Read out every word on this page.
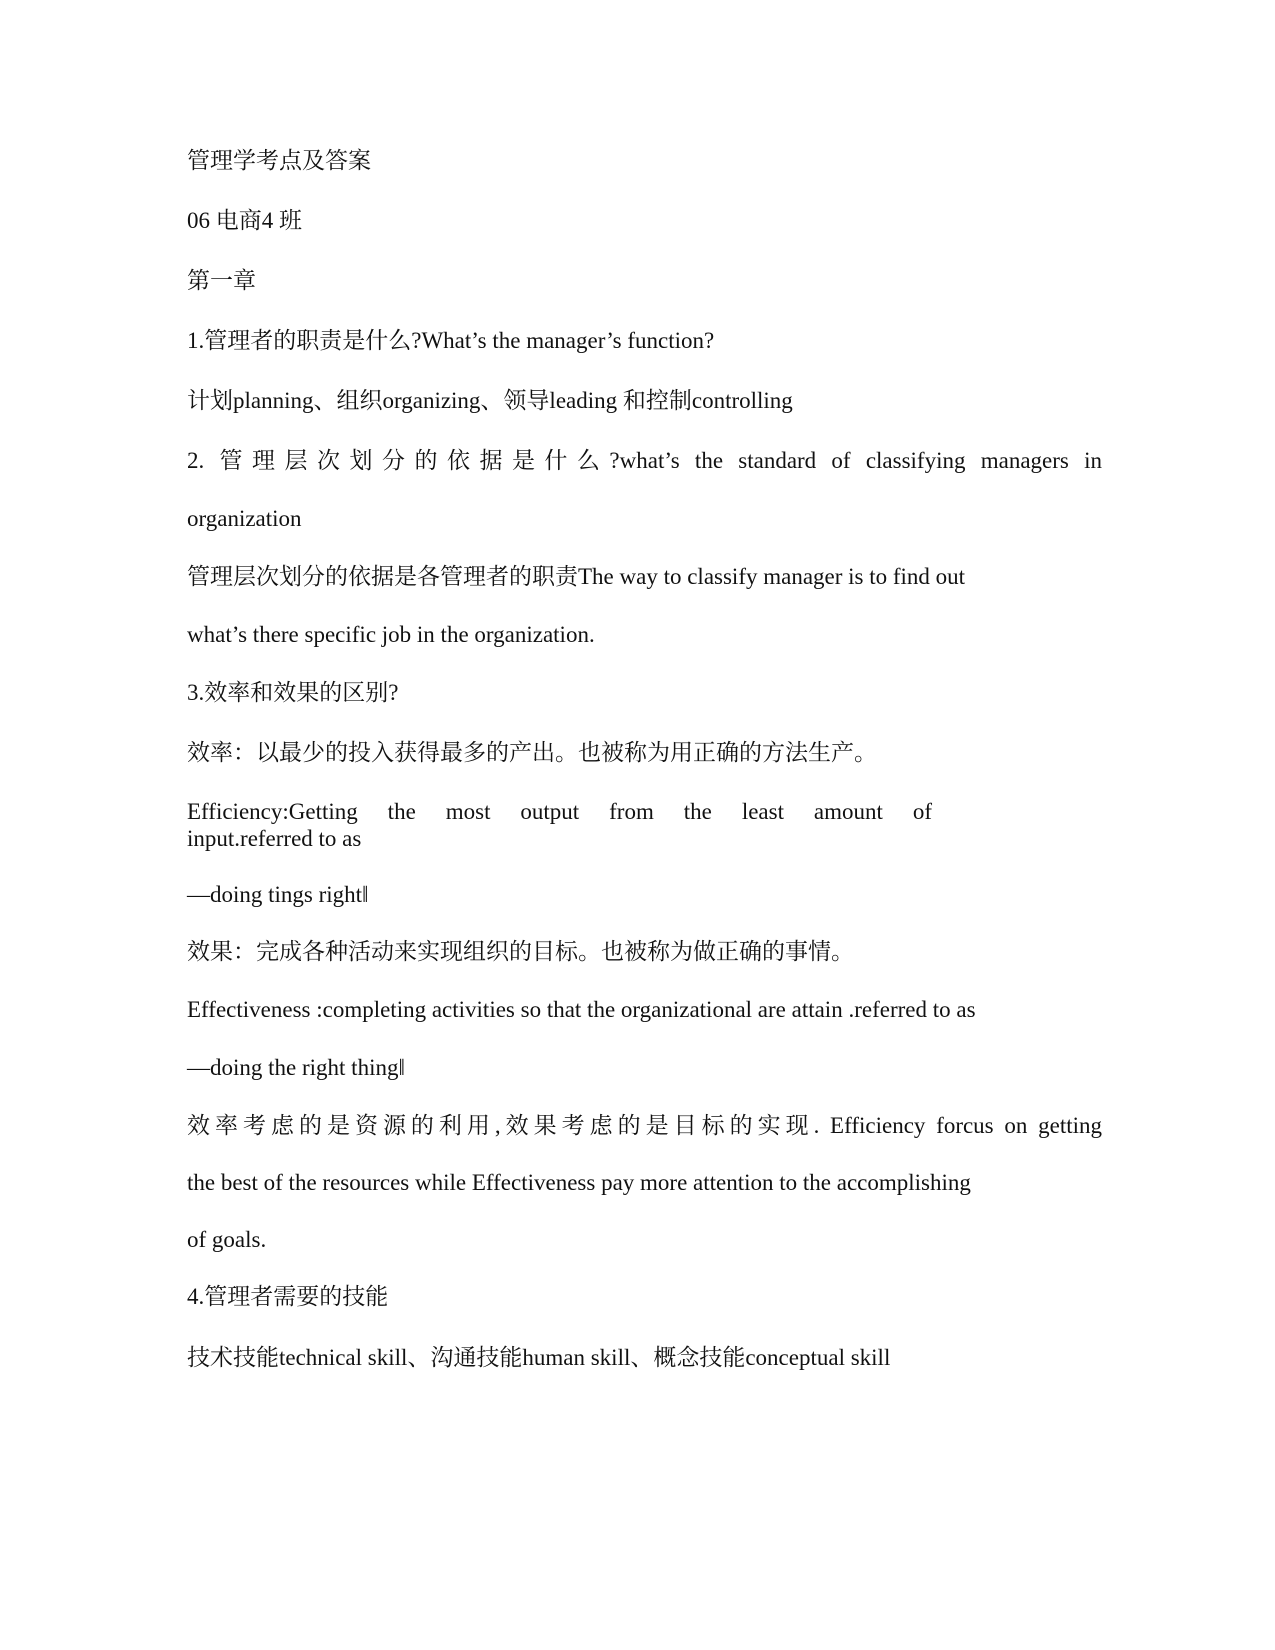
管理学考点及答案
06 电商4 班
第一章
1.管理者的职责是什么?What’s the manager’s function?
计划planning、组织organizing、领导leading 和控制controlling
2. 管理层次划分的依据是什么?what’s the standard of classifying managers in
organization
管理层次划分的依据是各管理者的职责The way to classify manager is to find out
what’s there specific job in the organization.
3.效率和效果的区别?
效率：以最少的投入获得最多的产出。也被称为用正确的方法生产。
Efficiency:Getting the most output from the least amount of
input.referred to as
—doing tings right‖
效果：完成各种活动来实现组织的目标。也被称为做正确的事情。
Effectiveness :completing activities so that the organizational are attain .referred to as
—doing the right thing‖
效率考虑的是资源的利用,效果考虑的是目标的实现. Efficiency forcus on getting
the best of the resources while Effectiveness pay more attention to the accomplishing
of goals.
4.管理者需要的技能
技术技能technical skill、沟通技能human skill、概念技能conceptual skill
